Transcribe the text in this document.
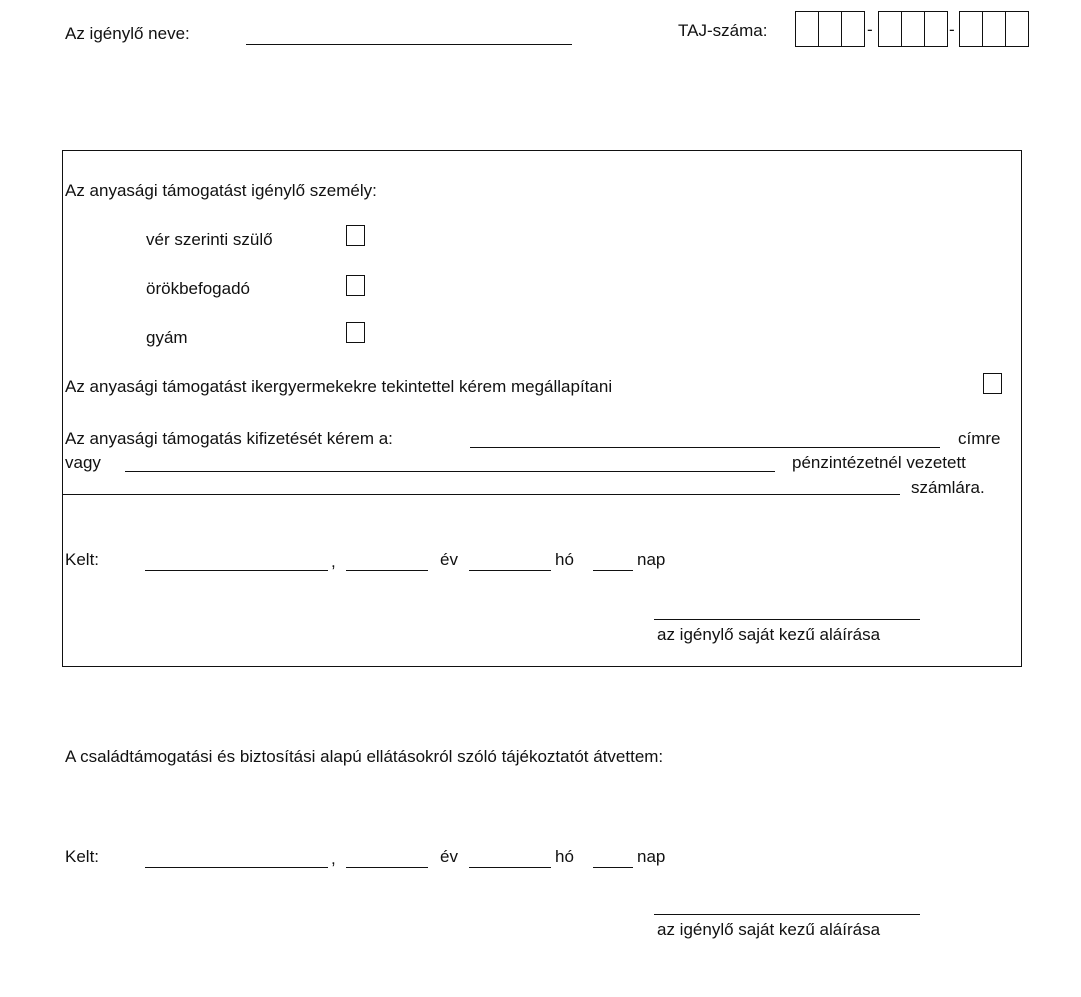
Az igénylő neve:	TAJ-száma:	-	-
Az anyasági támogatást igénylő személy:
vér szerinti szülő
örökbefogadó
gyám
Az anyasági támogatást ikergyermekekre tekintettel kérem megállapítani
Az anyasági támogatás kifizetését kérem a:	címre
vagy	pénzintézetnél vezetett
számlára.
Kelt:	,	év	hó	nap
az igénylő saját kezű aláírása
A családtámogatási és biztosítási alapú ellátásokról szóló tájékoztatót átvettem:
Kelt:	,	év	hó	nap
az igénylő saját kezű aláírása
